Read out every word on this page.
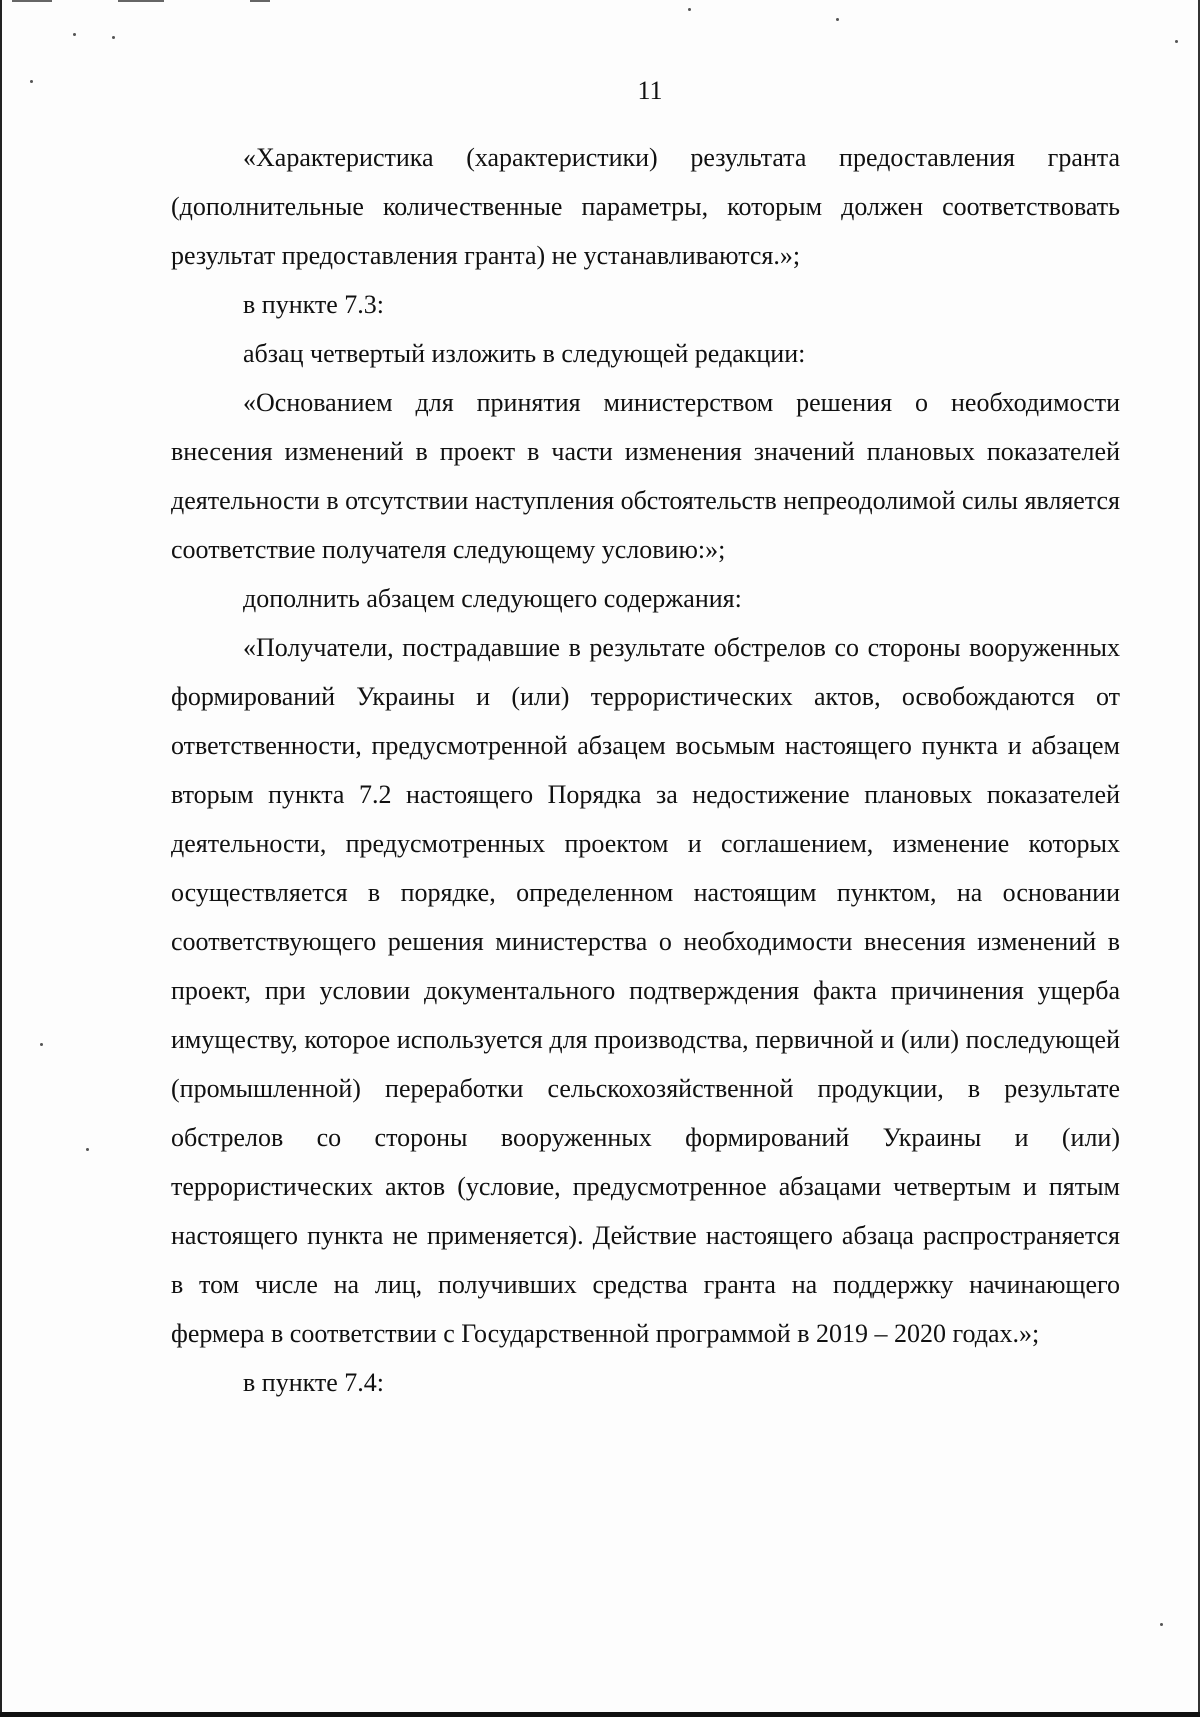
11

«Характеристика (характеристики) результата предоставления гранта (дополнительные количественные параметры, которым должен соответствовать результат предоставления гранта) не устанавливаются.»;

в пункте 7.3:

абзац четвертый изложить в следующей редакции:

«Основанием для принятия министерством решения о необходимости внесения изменений в проект в части изменения значений плановых показателей деятельности в отсутствии наступления обстоятельств непреодолимой силы является соответствие получателя следующему условию:»;

дополнить абзацем следующего содержания:

«Получатели, пострадавшие в результате обстрелов со стороны вооруженных формирований Украины и (или) террористических актов, освобождаются от ответственности, предусмотренной абзацем восьмым настоящего пункта и абзацем вторым пункта 7.2 настоящего Порядка за недостижение плановых показателей деятельности, предусмотренных проектом и соглашением, изменение которых осуществляется в порядке, определенном настоящим пунктом, на основании соответствующего решения министерства о необходимости внесения изменений в проект, при условии документального подтверждения факта причинения ущерба имуществу, которое используется для производства, первичной и (или) последующей (промышленной) переработки сельскохозяйственной продукции, в результате обстрелов со стороны вооруженных формирований Украины и (или) террористических актов (условие, предусмотренное абзацами четвертым и пятым настоящего пункта не применяется). Действие настоящего абзаца распространяется в том числе на лиц, получивших средства гранта на поддержку начинающего фермера в соответствии с Государственной программой в 2019 – 2020 годах.»;

в пункте 7.4:
